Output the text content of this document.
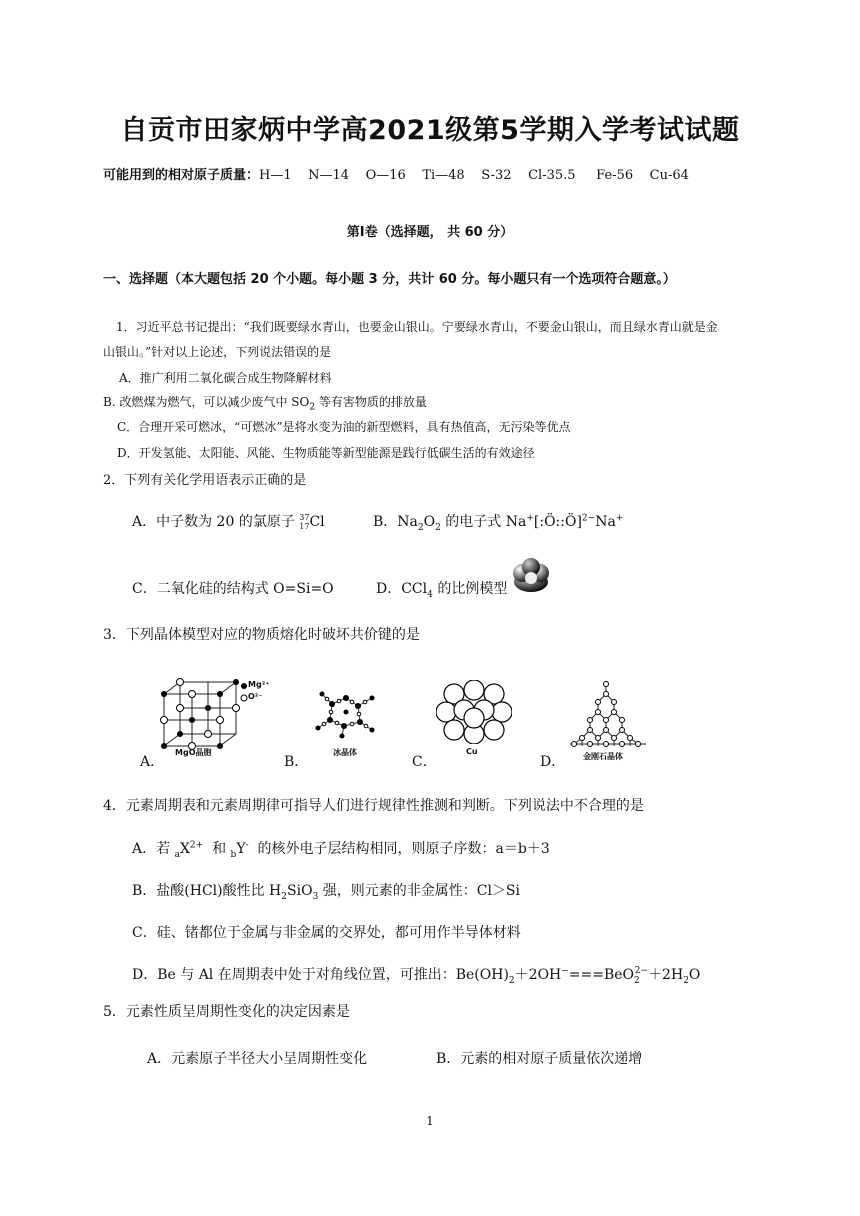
自贡市田家炳中学高2021级第5学期入学考试试题
可能用到的相对原子质量：H—1    N—14    O—16    Ti—48    S-32    Cl-35.5     Fe-56    Cu-64
第Ⅰ卷（选择题， 共 60 分）
一、选择题（本大题包括 20 个小题。每小题 3 分，共计 60 分。每小题只有一个选项符合题意。）
1．习近平总书记提出：“我们既要绿水青山，也要金山银山。宁要绿水青山，不要金山银山，而且绿水青山就是金
山银山。”针对以上论述，下列说法错误的是
A．推广利用二氧化碳合成生物降解材料
B. 改燃煤为燃气，可以减少废气中 $SO_2$ 等有害物质的排放量
C．合理开采可燃冰，“可燃冰”是将水变为油的新型燃料，具有热值高，无污染等优点
D．开发氢能、太阳能、风能、生物质能等新型能源是践行低碳生活的有效途径
2．下列有关化学用语表示正确的是
A．中子数为 20 的氯原子 37
17Cl	B．$Na_2O_2$ 的电子式 Na+[:Ö::Ö]$^{2-}$Na+
C．二氧化硅的结构式 O=Si=O	D．CCl$_4$ 的比例模型
3．下列晶体模型对应的物质熔化时破坏共价键的是
Mg²⁺
O²⁻
MgO晶胞
A．
冰晶体
B．
Cu
C．	金刚石晶体
D．
4．元素周期表和元素周期律可指导人们进行规律性推测和判断。下列说法中不合理的是
A．若 $_aX^{2+}$  和 $_b$Y-  的核外电子层结构相同，则原子序数：a＝b＋3
B．盐酸(HCl)酸性比 $H_2SiO_3$ 强，则元素的非金属性：Cl＞Si
C．硅、锗都位于金属与非金属的交界处，都可用作半导体材料
D．Be 与 Al 在周期表中处于对角线位置，可推出：$Be(OH)_2+2OH^-===BeO_2^{2-}+2H_2O$
5．元素性质呈周期性变化的决定因素是
A．元素原子半径大小呈周期性变化	B．元素的相对原子质量依次递增
1
